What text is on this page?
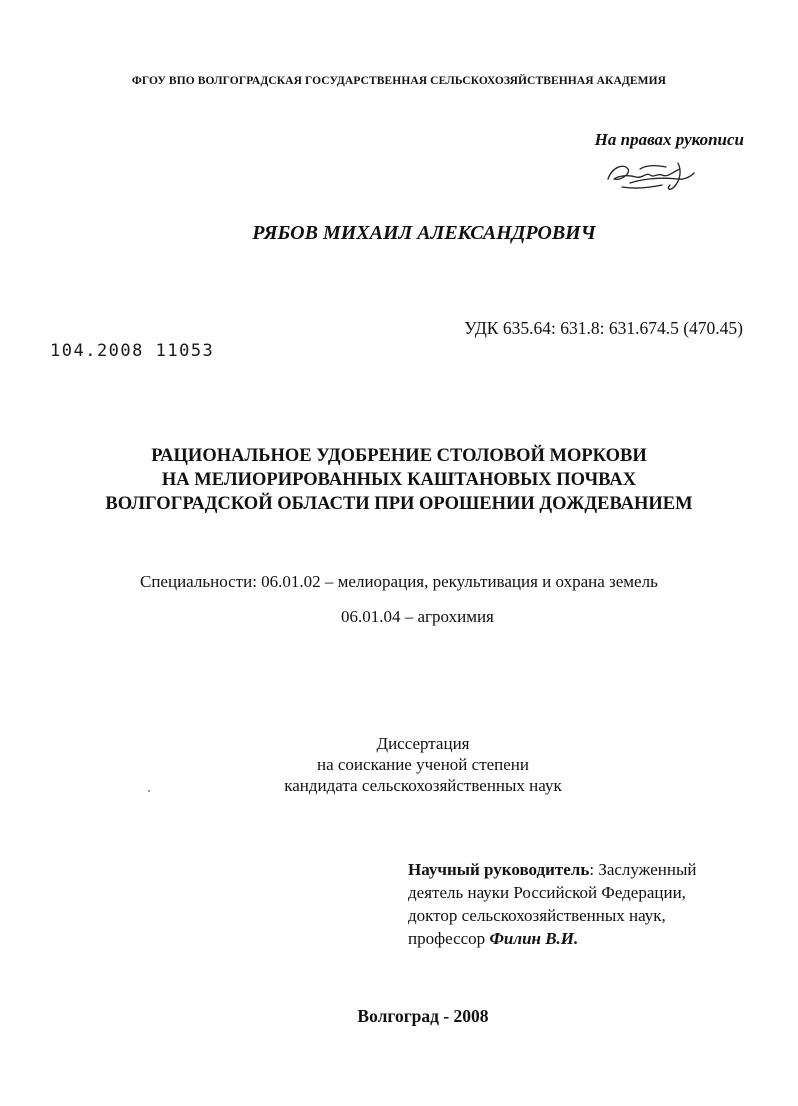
ФГОУ ВПО ВОЛГОГРАДСКАЯ ГОСУДАРСТВЕННАЯ СЕЛЬСКОХОЗЯЙСТВЕННАЯ АКАДЕМИЯ
На правах рукописи
РЯБОВ МИХАИЛ АЛЕКСАНДРОВИЧ
УДК 635.64: 631.8: 631.674.5 (470.45)
104.2008 11053
РАЦИОНАЛЬНОЕ УДОБРЕНИЕ СТОЛОВОЙ МОРКОВИ
НА МЕЛИОРИРОВАННЫХ КАШТАНОВЫХ ПОЧВАХ
ВОЛГОГРАДСКОЙ ОБЛАСТИ ПРИ ОРОШЕНИИ ДОЖДЕВАНИЕМ
Специальности: 06.01.02 – мелиорация, рекультивация и охрана земель
06.01.04 – агрохимия
Диссертация
на соискание ученой степени
кандидата сельскохозяйственных наук
Научный руководитель: Заслуженный
деятель науки Российской Федерации,
доктор сельскохозяйственных наук,
профессор Филин В.И.
Волгоград - 2008
